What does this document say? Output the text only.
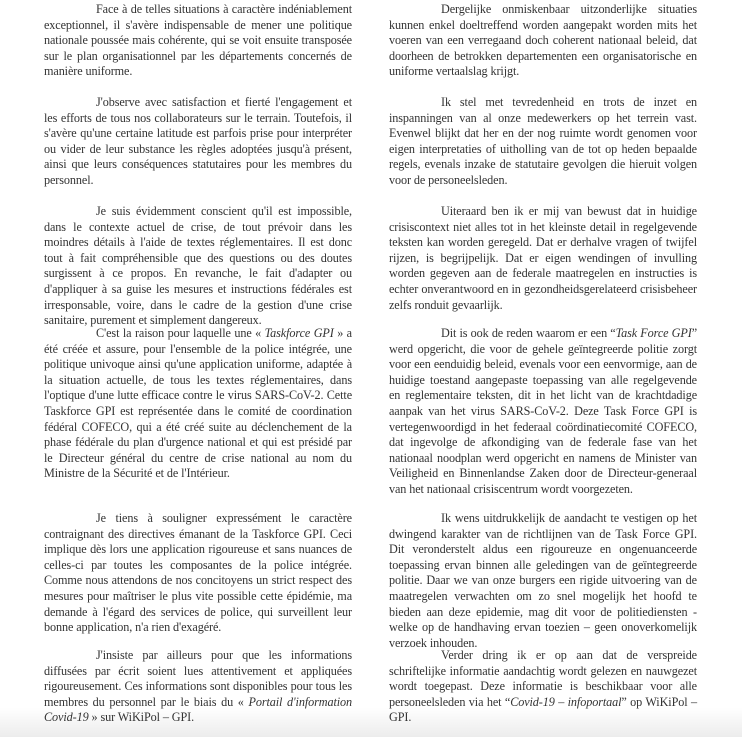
Face à de telles situations à caractère indéniablement exceptionnel, il s'avère indispensable de mener une politique nationale poussée mais cohérente, qui se voit ensuite transposée sur le plan organisationnel par les départements concernés de manière uniforme.

J'observe avec satisfaction et fierté l'engagement et les efforts de tous nos collaborateurs sur le terrain. Toutefois, il s'avère qu'une certaine latitude est parfois prise pour interpréter ou vider de leur substance les règles adoptées jusqu'à présent, ainsi que leurs conséquences statutaires pour les membres du personnel.

Je suis évidemment conscient qu'il est impossible, dans le contexte actuel de crise, de tout prévoir dans les moindres détails à l'aide de textes réglementaires. Il est donc tout à fait compréhensible que des questions ou des doutes surgissent à ce propos. En revanche, le fait d'adapter ou d'appliquer à sa guise les mesures et instructions fédérales est irresponsable, voire, dans le cadre de la gestion d'une crise sanitaire, purement et simplement dangereux.

C'est la raison pour laquelle une « Taskforce GPI » a été créée et assure, pour l'ensemble de la police intégrée, une politique univoque ainsi qu'une application uniforme, adaptée à la situation actuelle, de tous les textes réglementaires, dans l'optique d'une lutte efficace contre le virus SARS-CoV-2. Cette Taskforce GPI est représentée dans le comité de coordination fédéral COFECO, qui a été créé suite au déclenchement de la phase fédérale du plan d'urgence national et qui est présidé par le Directeur général du centre de crise national au nom du Ministre de la Sécurité et de l'Intérieur.

Je tiens à souligner expressément le caractère contraignant des directives émanant de la Taskforce GPI. Ceci implique dès lors une application rigoureuse et sans nuances de celles-ci par toutes les composantes de la police intégrée. Comme nous attendons de nos concitoyens un strict respect des mesures pour maîtriser le plus vite possible cette épidémie, ma demande à l'égard des services de police, qui surveillent leur bonne application, n'a rien d'exagéré.

J'insiste par ailleurs pour que les informations diffusées par écrit soient lues attentivement et appliquées rigoureusement. Ces informations sont disponibles pour tous les membres du personnel par le biais du « Portail d'information Covid-19 » sur WiKiPol – GPI.

Dergelijke onmiskenbaar uitzonderlijke situaties kunnen enkel doeltreffend worden aangepakt worden mits het voeren van een verregaand doch coherent nationaal beleid, dat doorheen de betrokken departementen een organisatorische en uniforme vertaalslag krijgt.

Ik stel met tevredenheid en trots de inzet en inspanningen van al onze medewerkers op het terrein vast. Evenwel blijkt dat her en der nog ruimte wordt genomen voor eigen interpretaties of uitholling van de tot op heden bepaalde regels, evenals inzake de statutaire gevolgen die hieruit volgen voor de personeelsleden.

Uiteraard ben ik er mij van bewust dat in huidige crisiscontext niet alles tot in het kleinste detail in regelgevende teksten kan worden geregeld. Dat er derhalve vragen of twijfel rijzen, is begrijpelijk. Dat er eigen wendingen of invulling worden gegeven aan de federale maatregelen en instructies is echter onverantwoord en in gezondheidsgerelateerd crisisbeheer zelfs ronduit gevaarlijk.

Dit is ook de reden waarom er een “Task Force GPI” werd opgericht, die voor de gehele geïntegreerde politie zorgt voor een eenduidig beleid, evenals voor een eenvormige, aan de huidige toestand aangepaste toepassing van alle regelgevende en reglementaire teksten, dit in het licht van de krachtdadige aanpak van het virus SARS-CoV-2. Deze Task Force GPI is vertegenwoordigd in het federaal coördinatiecomité COFECO, dat ingevolge de afkondiging van de federale fase van het nationaal noodplan werd opgericht en namens de Minister van Veiligheid en Binnenlandse Zaken door de Directeur-generaal van het nationaal crisiscentrum wordt voorgezeten.

Ik wens uitdrukkelijk de aandacht te vestigen op het dwingend karakter van de richtlijnen van de Task Force GPI. Dit veronderstelt aldus een rigoureuze en ongenuanceerde toepassing ervan binnen alle geledingen van de geïntegreerde politie. Daar we van onze burgers een rigide uitvoering van de maatregelen verwachten om zo snel mogelijk het hoofd te bieden aan deze epidemie, mag dit voor de politiediensten - welke op de handhaving ervan toezien – geen onoverkomelijk verzoek inhouden.

Verder dring ik er op aan dat de verspreide schriftelijke informatie aandachtig wordt gelezen en nauwgezet wordt toegepast. Deze informatie is beschikbaar voor alle personeelsleden via het “Covid-19 – infoportaal” op WiKiPol – GPI.
